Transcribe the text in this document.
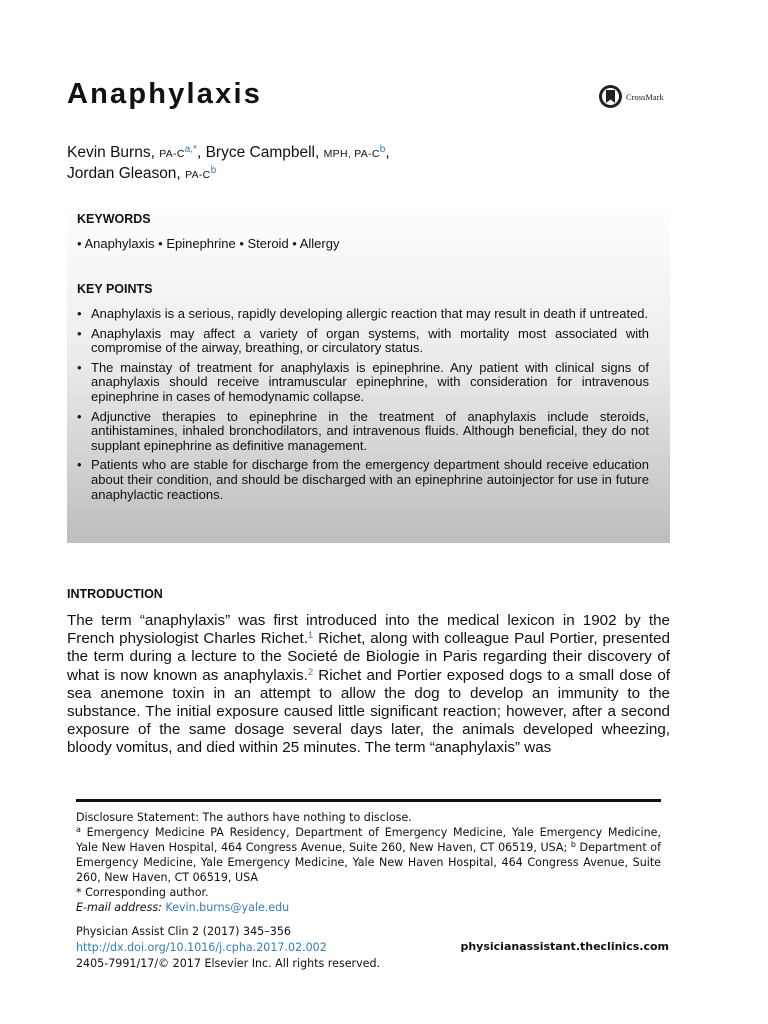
Anaphylaxis	CrossMark
Kevin Burns, $PA-C^{a,*}$, Bryce Campbell, MPH, $PA-C^b$,
Jordan Gleason, $PA-C^b$
KEYWORDS
• Anaphylaxis • Epinephrine • Steroid • Allergy
KEY POINTS
• Anaphylaxis is a serious, rapidly developing allergic reaction that may result in death if untreated.
• Anaphylaxis may affect a variety of organ systems, with mortality most associated with compromise of the airway, breathing, or circulatory status.
• The mainstay of treatment for anaphylaxis is epinephrine. Any patient with clinical signs of anaphylaxis should receive intramuscular epinephrine, with consideration for intravenous epinephrine in cases of hemodynamic collapse.
• Adjunctive therapies to epinephrine in the treatment of anaphylaxis include steroids, antihistamines, inhaled bronchodilators, and intravenous fluids. Although beneficial, they do not supplant epinephrine as definitive management.
• Patients who are stable for discharge from the emergency department should receive education about their condition, and should be discharged with an epinephrine autoinjector for use in future anaphylactic reactions.
INTRODUCTION

The term “anaphylaxis” was first introduced into the medical lexicon in 1902 by the French physiologist Charles Richet.$^1$ Richet, along with colleague Paul Portier, presented the term during a lecture to the Societé de Biologie in Paris regarding their discovery of what is now known as anaphylaxis.$^2$ Richet and Portier exposed dogs to a small dose of sea anemone toxin in an attempt to allow the dog to develop an immunity to the substance. The initial exposure caused little significant reaction; however, after a second exposure of the same dosage several days later, the animals developed wheezing, bloody vomitus, and died within 25 minutes. The term “anaphylaxis” was

Disclosure Statement: The authors have nothing to disclose.
$^a$ Emergency Medicine PA Residency, Department of Emergency Medicine, Yale Emergency Medicine, Yale New Haven Hospital, 464 Congress Avenue, Suite 260, New Haven, CT 06519, USA; $^b$ Department of Emergency Medicine, Yale Emergency Medicine, Yale New Haven Hospital, 464 Congress Avenue, Suite 260, New Haven, CT 06519, USA
* Corresponding author.
E-mail address: Kevin.burns@yale.edu
Physician Assist Clin 2 (2017) 345–356
http://dx.doi.org/10.1016/j.cpha.2017.02.002
2405-7991/17/© 2017 Elsevier Inc. All rights reserved.
physicianassistant.theclinics.com
